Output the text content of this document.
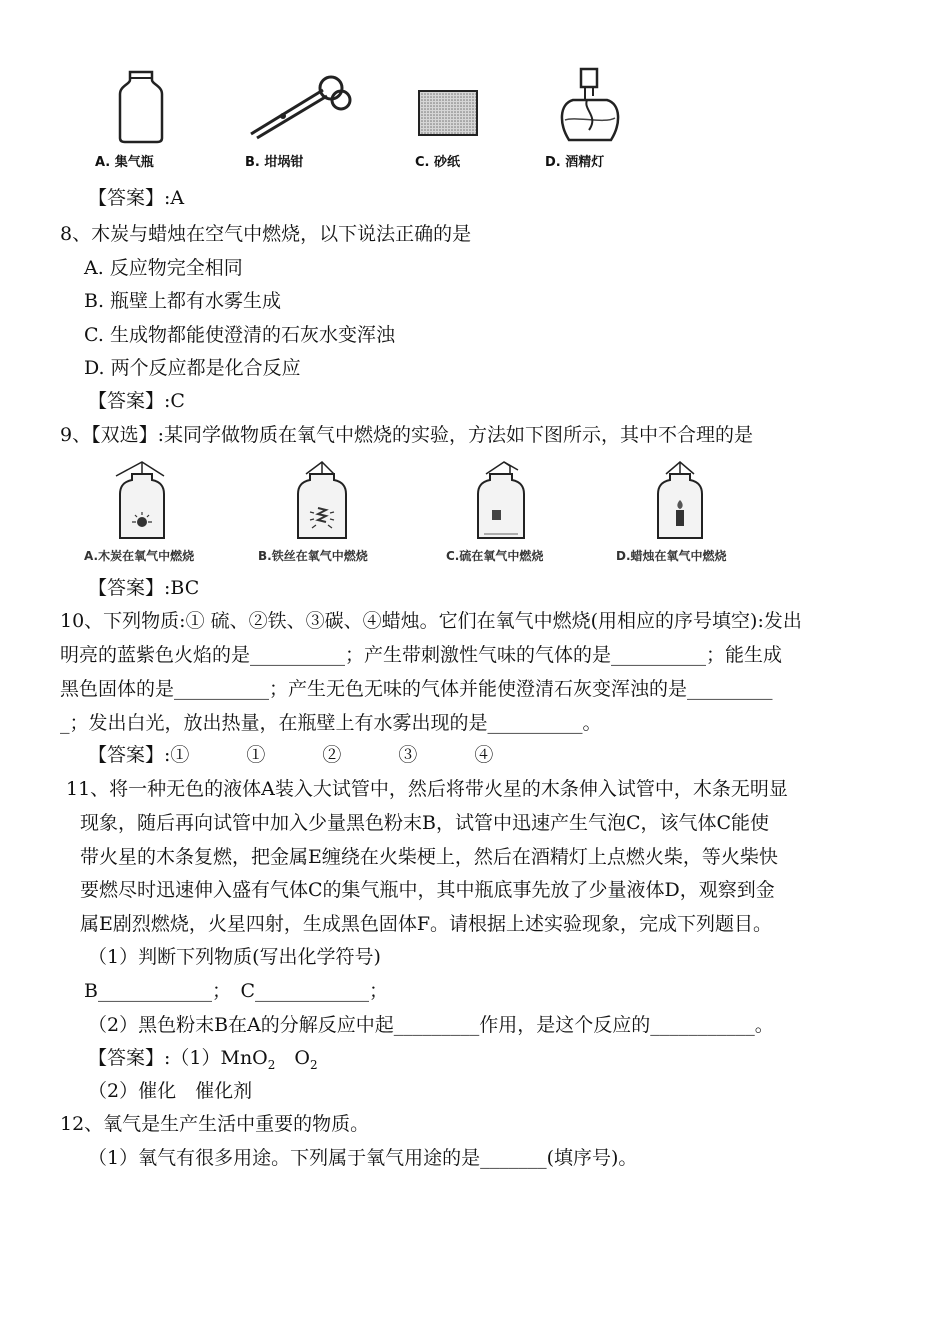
A. 集气瓶	B. 坩埚钳	C. 砂纸	D. 酒精灯
【答案】:A
8、木炭与蜡烛在空气中燃烧，以下说法正确的是
A. 反应物完全相同
B. 瓶壁上都有水雾生成
C. 生成物都能使澄清的石灰水变浑浊
D. 两个反应都是化合反应
【答案】:C
9、【双选】:某同学做物质在氧气中燃烧的实验，方法如下图所示，其中不合理的是
A.木炭在氧气中燃烧	B.铁丝在氧气中燃烧	C.硫在氧气中燃烧	D.蜡烛在氧气中燃烧
【答案】:BC
10、下列物质:① 硫、②铁、③碳、④蜡烛。它们在氧气中燃烧(用相应的序号填空):发出
明亮的蓝紫色火焰的是__________；产生带刺激性气味的气体的是__________；能生成
黑色固体的是__________；产生无色无味的气体并能使澄清石灰变浑浊的是_________
_；发出白光，放出热量，在瓶壁上有水雾出现的是__________。
【答案】:①　　　①　　　②　　　③　　　④
11、将一种无色的液体A装入大试管中，然后将带火星的木条伸入试管中，木条无明显
现象，随后再向试管中加入少量黑色粉末B，试管中迅速产生气泡C，该气体C能使
带火星的木条复燃，把金属E缠绕在火柴梗上，然后在酒精灯上点燃火柴，等火柴快
要燃尽时迅速伸入盛有气体C的集气瓶中，其中瓶底事先放了少量液体D，观察到金
属E剧烈燃烧，火星四射，生成黑色固体F。请根据上述实验现象，完成下列题目。
（1）判断下列物质(写出化学符号)
B____________；　C____________；
（2）黑色粉末B在A的分解反应中起_________作用，是这个反应的___________。
【答案】:（1）MnO$_2$　$O_2$
（2）催化　催化剂
12、氧气是生产生活中重要的物质。
（1）氧气有很多用途。下列属于氧气用途的是_______(填序号)。
